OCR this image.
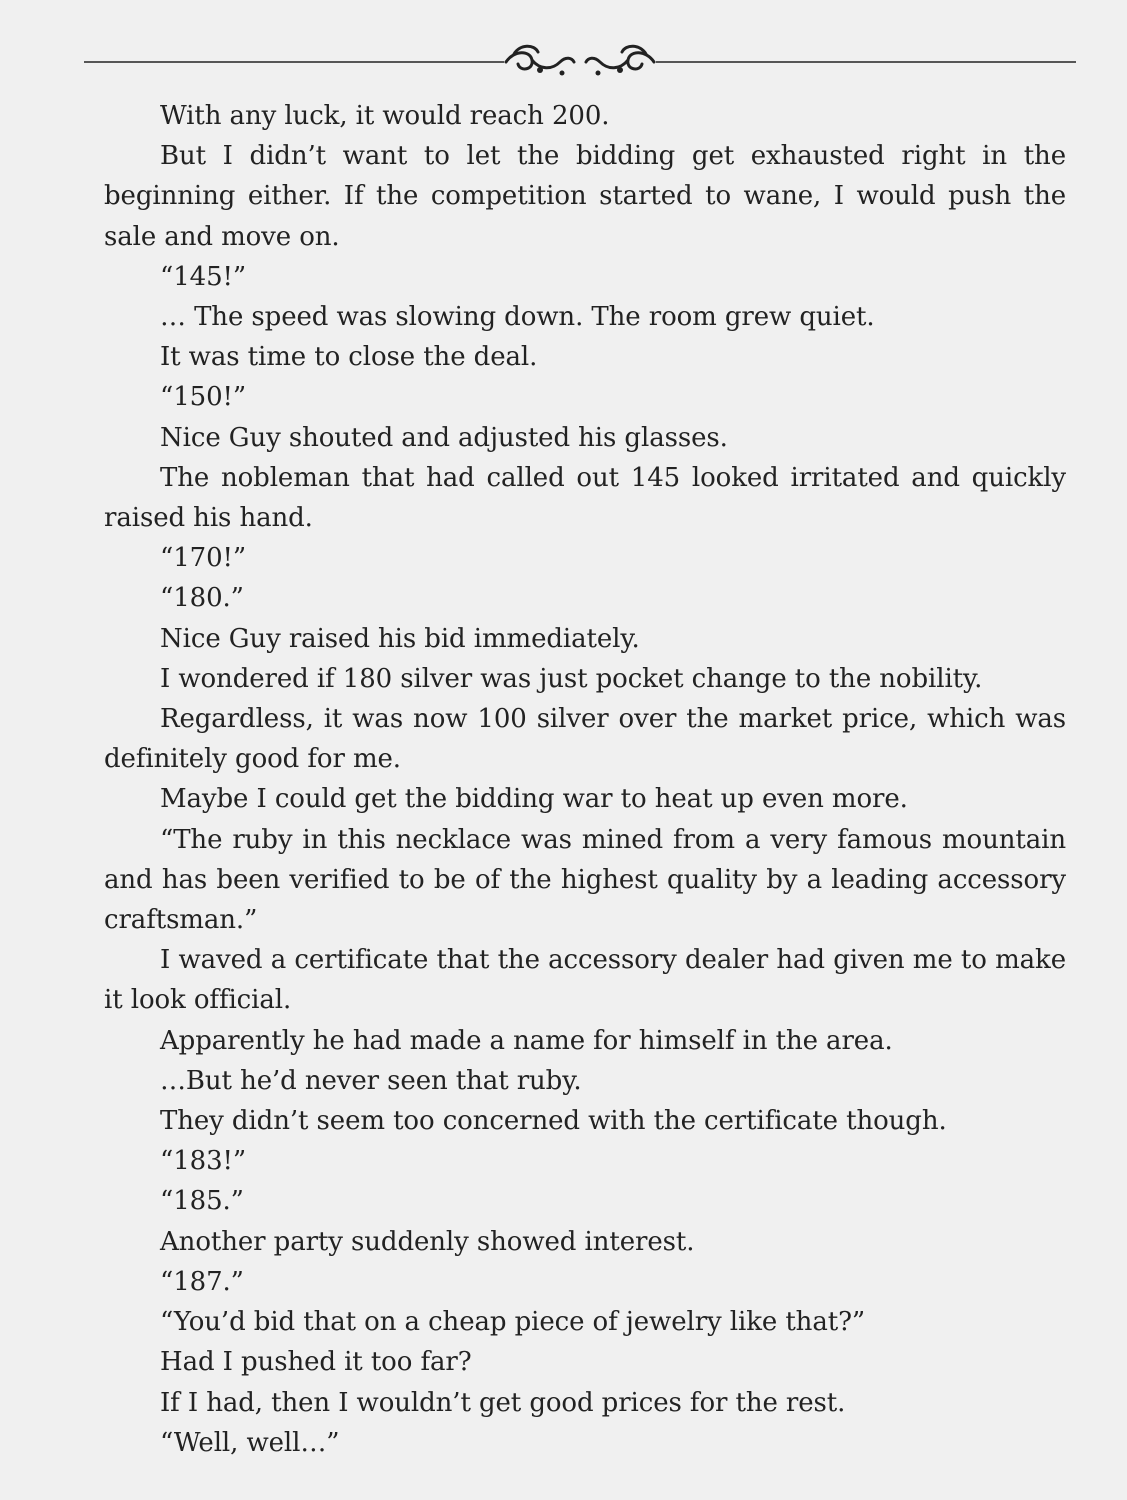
With any luck, it would reach 200.

But I didn’t want to let the bidding get exhausted right in the beginning either. If the competition started to wane, I would push the sale and move on.

“145!”

… The speed was slowing down. The room grew quiet.

It was time to close the deal.

“150!”

Nice Guy shouted and adjusted his glasses.

The nobleman that had called out 145 looked irritated and quickly raised his hand.

“170!”

“180.”

Nice Guy raised his bid immediately.

I wondered if 180 silver was just pocket change to the nobility.

Regardless, it was now 100 silver over the market price, which was definitely good for me.

Maybe I could get the bidding war to heat up even more.

“The ruby in this necklace was mined from a very famous mountain and has been verified to be of the highest quality by a leading accessory craftsman.”

I waved a certificate that the accessory dealer had given me to make it look official.

Apparently he had made a name for himself in the area.

…But he’d never seen that ruby.

They didn’t seem too concerned with the certificate though.

“183!”

“185.”

Another party suddenly showed interest.

“187.”

“You’d bid that on a cheap piece of jewelry like that?”

Had I pushed it too far?

If I had, then I wouldn’t get good prices for the rest.

“Well, well…”
